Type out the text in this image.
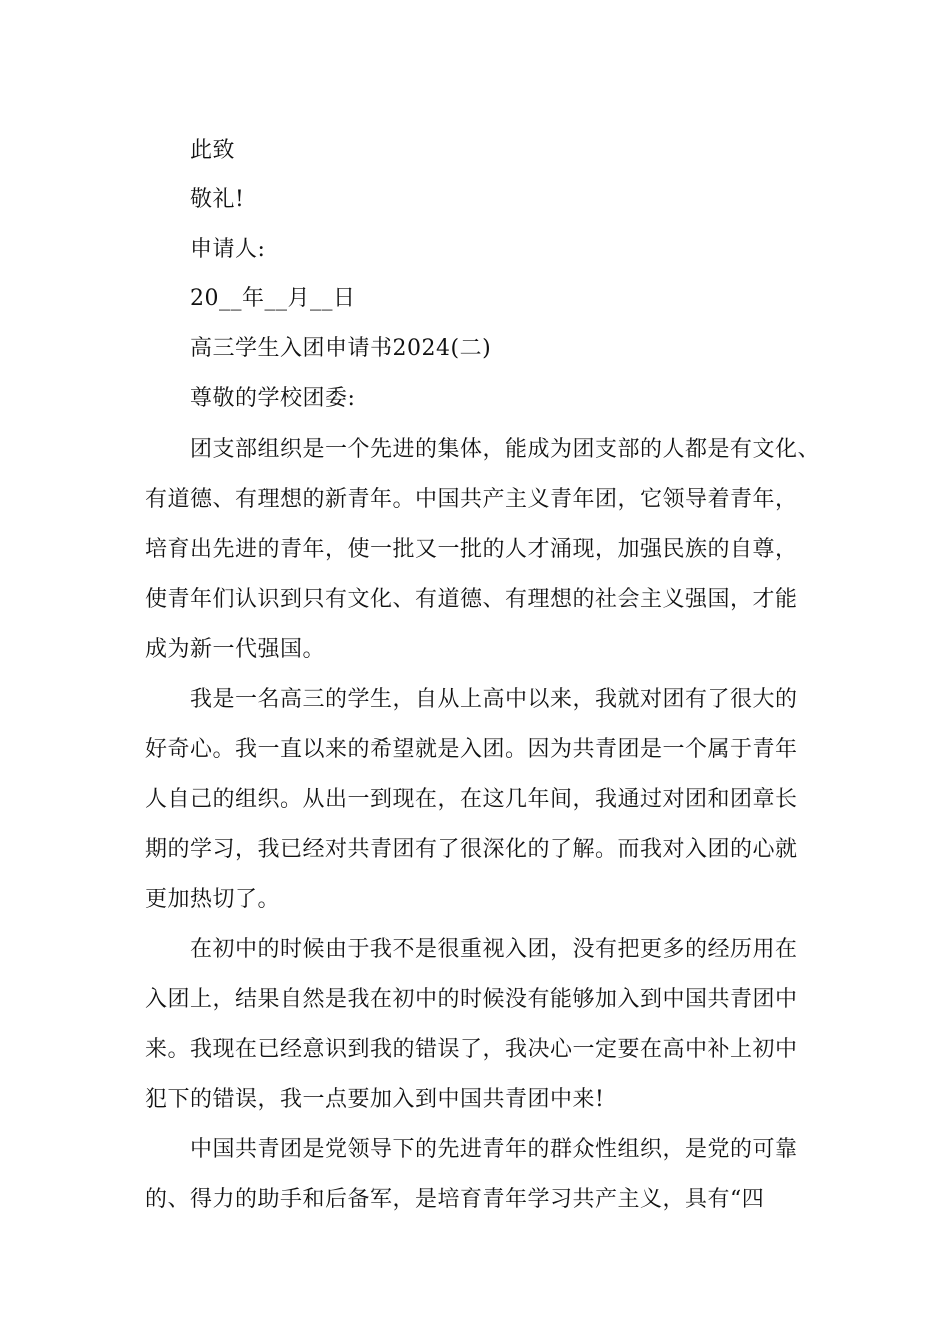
此致
敬礼!
申请人:
20__年__月__日
高三学生入团申请书2024(二)
尊敬的学校团委:
团支部组织是一个先进的集体，能成为团支部的人都是有文化、
有道德、有理想的新青年。中国共产主义青年团，它领导着青年，
培育出先进的青年，使一批又一批的人才涌现，加强民族的自尊，
使青年们认识到只有文化、有道德、有理想的社会主义强国，才能
成为新一代强国。
我是一名高三的学生，自从上高中以来，我就对团有了很大的
好奇心。我一直以来的希望就是入团。因为共青团是一个属于青年
人自己的组织。从出一到现在，在这几年间，我通过对团和团章长
期的学习，我已经对共青团有了很深化的了解。而我对入团的心就
更加热切了。
在初中的时候由于我不是很重视入团，没有把更多的经历用在
入团上，结果自然是我在初中的时候没有能够加入到中国共青团中
来。我现在已经意识到我的错误了，我决心一定要在高中补上初中
犯下的错误，我一点要加入到中国共青团中来!
中国共青团是党领导下的先进青年的群众性组织，是党的可靠
的、得力的助手和后备军，是培育青年学习共产主义，具有“四
